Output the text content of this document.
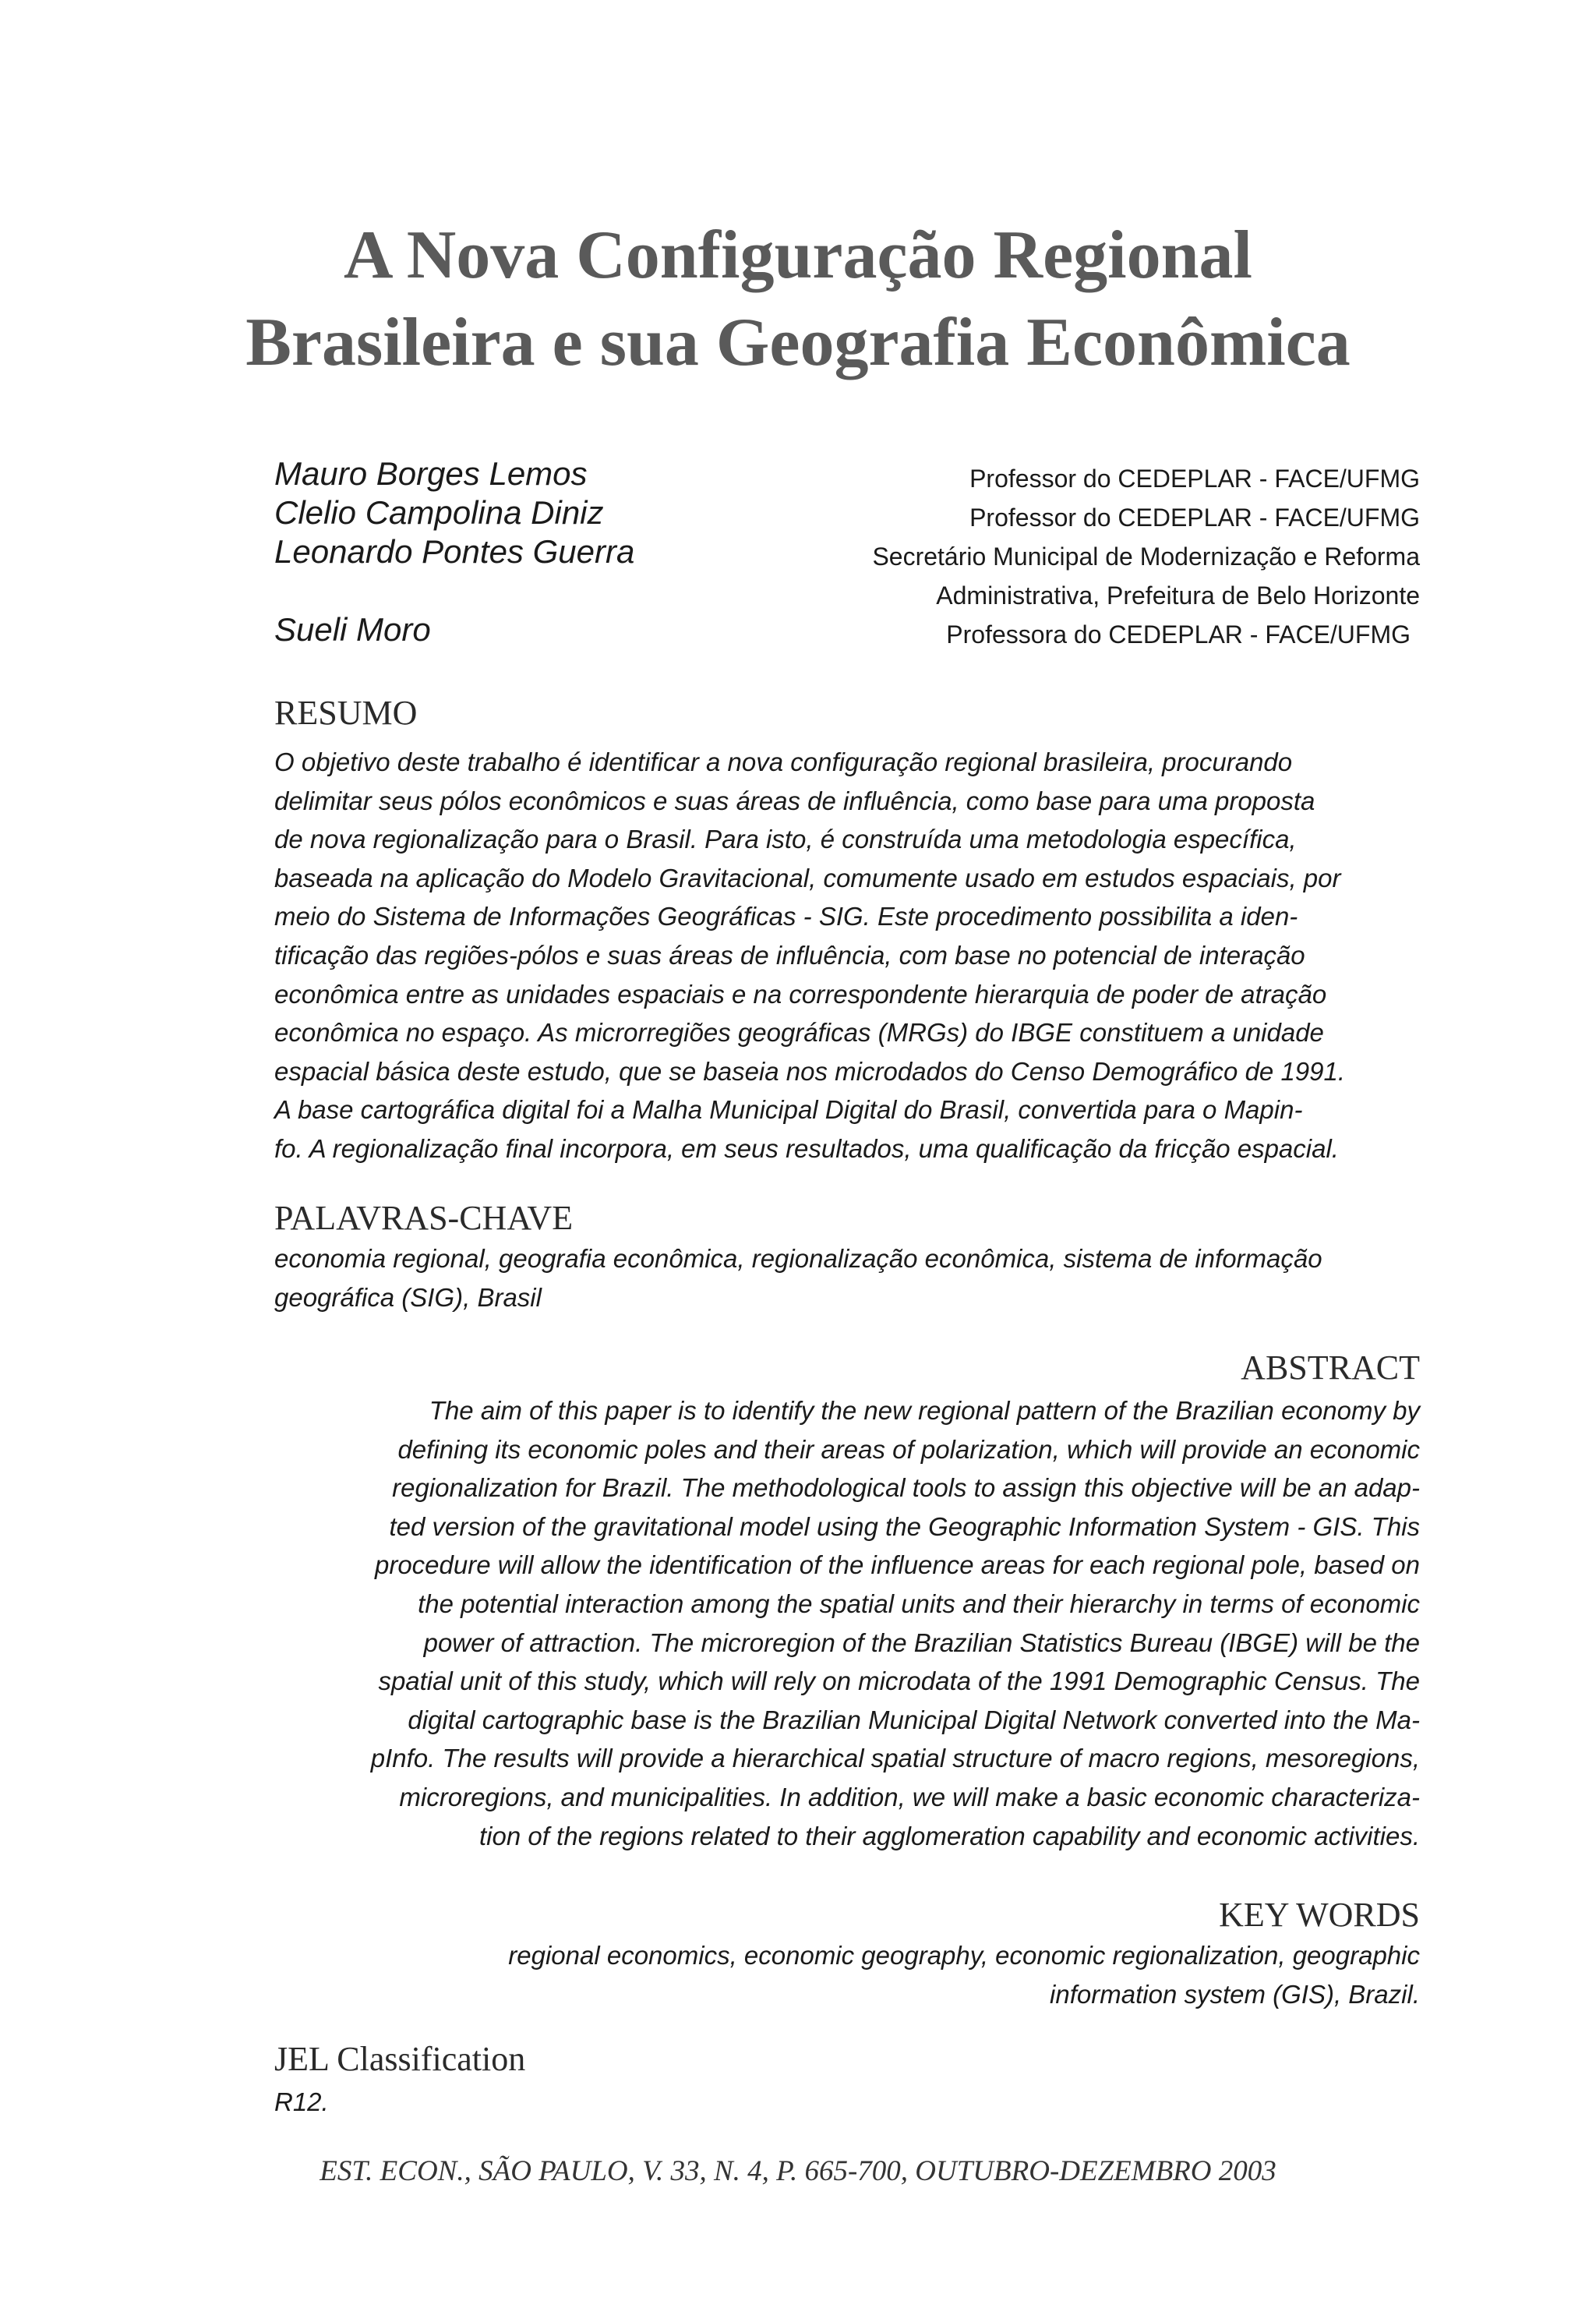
A Nova Configuração Regional
Brasileira e sua Geografia Econômica
Mauro Borges Lemos	Professor do CEDEPLAR - FACE/UFMG
Clelio Campolina Diniz	Professor do CEDEPLAR - FACE/UFMG
Leonardo Pontes Guerra	Secretário Municipal de Modernização e Reforma
Administrativa, Prefeitura de Belo Horizonte
Sueli Moro	Professora do CEDEPLAR - FACE/UFMG
RESUMO
O objetivo deste trabalho é identificar a nova configuração regional brasileira, procurando
delimitar seus pólos econômicos e suas áreas de influência, como base para uma proposta
de nova regionalização para o Brasil. Para isto, é construída uma metodologia específica,
baseada na aplicação do Modelo Gravitacional, comumente usado em estudos espaciais, por
meio do Sistema de Informações Geográficas - SIG. Este procedimento possibilita a iden-
tificação das regiões-pólos e suas áreas de influência, com base no potencial de interação
econômica entre as unidades espaciais e na correspondente hierarquia de poder de atração
econômica no espaço. As microrregiões geográficas (MRGs) do IBGE constituem a unidade
espacial básica deste estudo, que se baseia nos microdados do Censo Demográfico de 1991.
A base cartográfica digital foi a Malha Municipal Digital do Brasil, convertida para o Mapin-
fo. A regionalização final incorpora, em seus resultados, uma qualificação da fricção espacial.
PALAVRAS-CHAVE
economia regional, geografia econômica, regionalização econômica, sistema de informação
geográfica (SIG), Brasil
ABSTRACT
The aim of this paper is to identify the new regional pattern of the Brazilian economy by
defining its economic poles and their areas of polarization, which will provide an economic
regionalization for Brazil. The methodological tools to assign this objective will be an adap-
ted version of the gravitational model using the Geographic Information System - GIS. This
procedure will allow the identification of the influence areas for each regional pole, based on
the potential interaction among the spatial units and their hierarchy in terms of economic
power of attraction. The microregion of the Brazilian Statistics Bureau (IBGE) will be the
spatial unit of this study, which will rely on microdata of the 1991 Demographic Census. The
digital cartographic base is the Brazilian Municipal Digital Network converted into the Ma-
pInfo. The results will provide a hierarchical spatial structure of macro regions, mesoregions,
microregions, and municipalities. In addition, we will make a basic economic characteriza-
tion of the regions related to their agglomeration capability and economic activities.
KEY WORDS
regional economics, economic geography, economic regionalization, geographic
information system (GIS), Brazil.
JEL Classification
R12.
EST. ECON., SÃO PAULO, V. 33, N. 4, P. 665-700, OUTUBRO-DEZEMBRO 2003
